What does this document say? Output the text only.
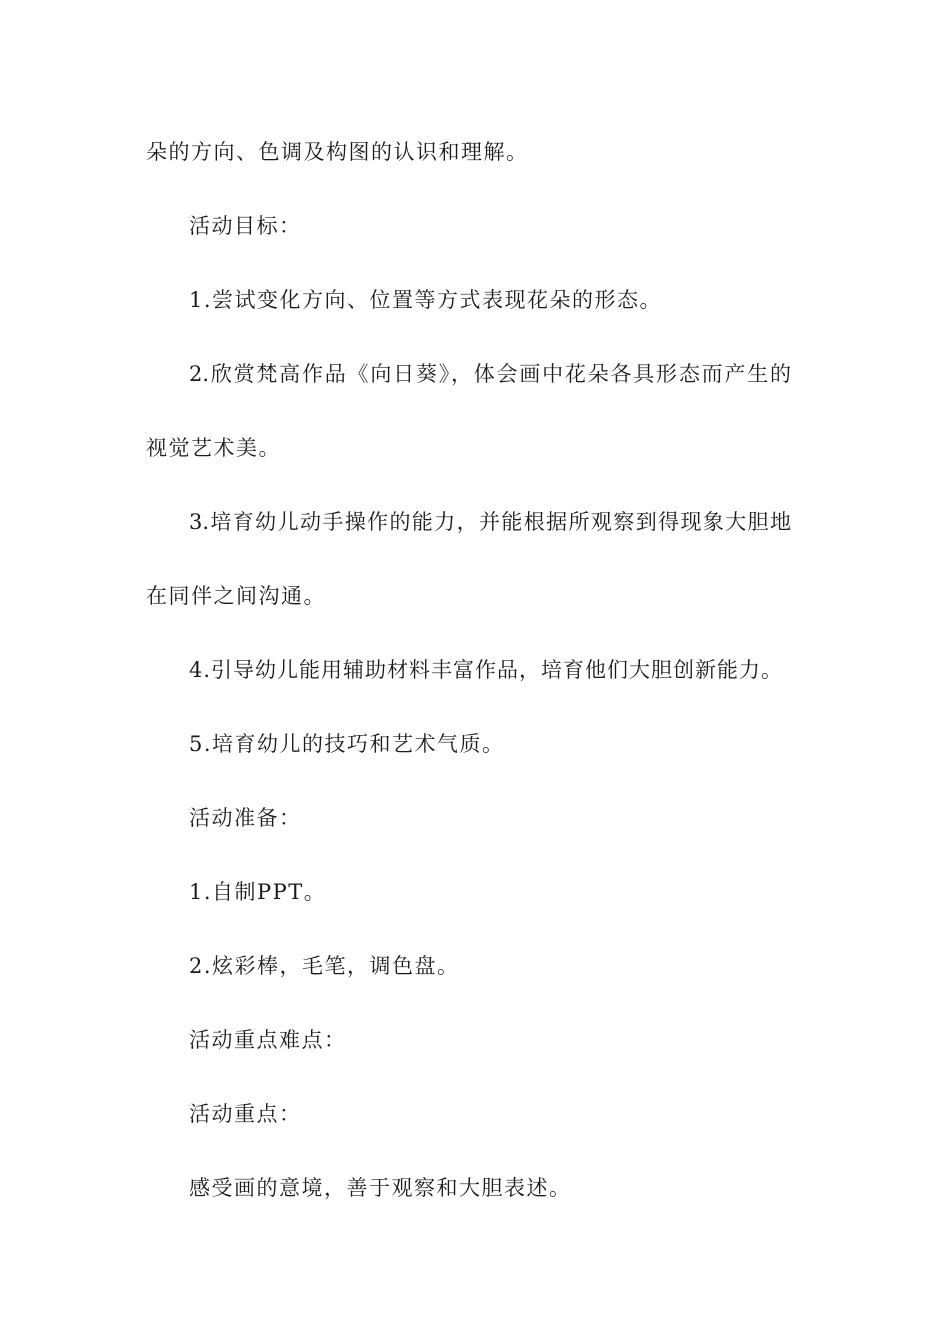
朵的方向、色调及构图的认识和理解。
活动目标：
1.尝试变化方向、位置等方式表现花朵的形态。
2.欣赏梵高作品《向日葵》，体会画中花朵各具形态而产生的
视觉艺术美。
3.培育幼儿动手操作的能力，并能根据所观察到得现象大胆地
在同伴之间沟通。
4.引导幼儿能用辅助材料丰富作品，培育他们大胆创新能力。
5.培育幼儿的技巧和艺术气质。
活动准备：
1.自制PPT。
2.炫彩棒，毛笔，调色盘。
活动重点难点：
活动重点：
感受画的意境，善于观察和大胆表述。
